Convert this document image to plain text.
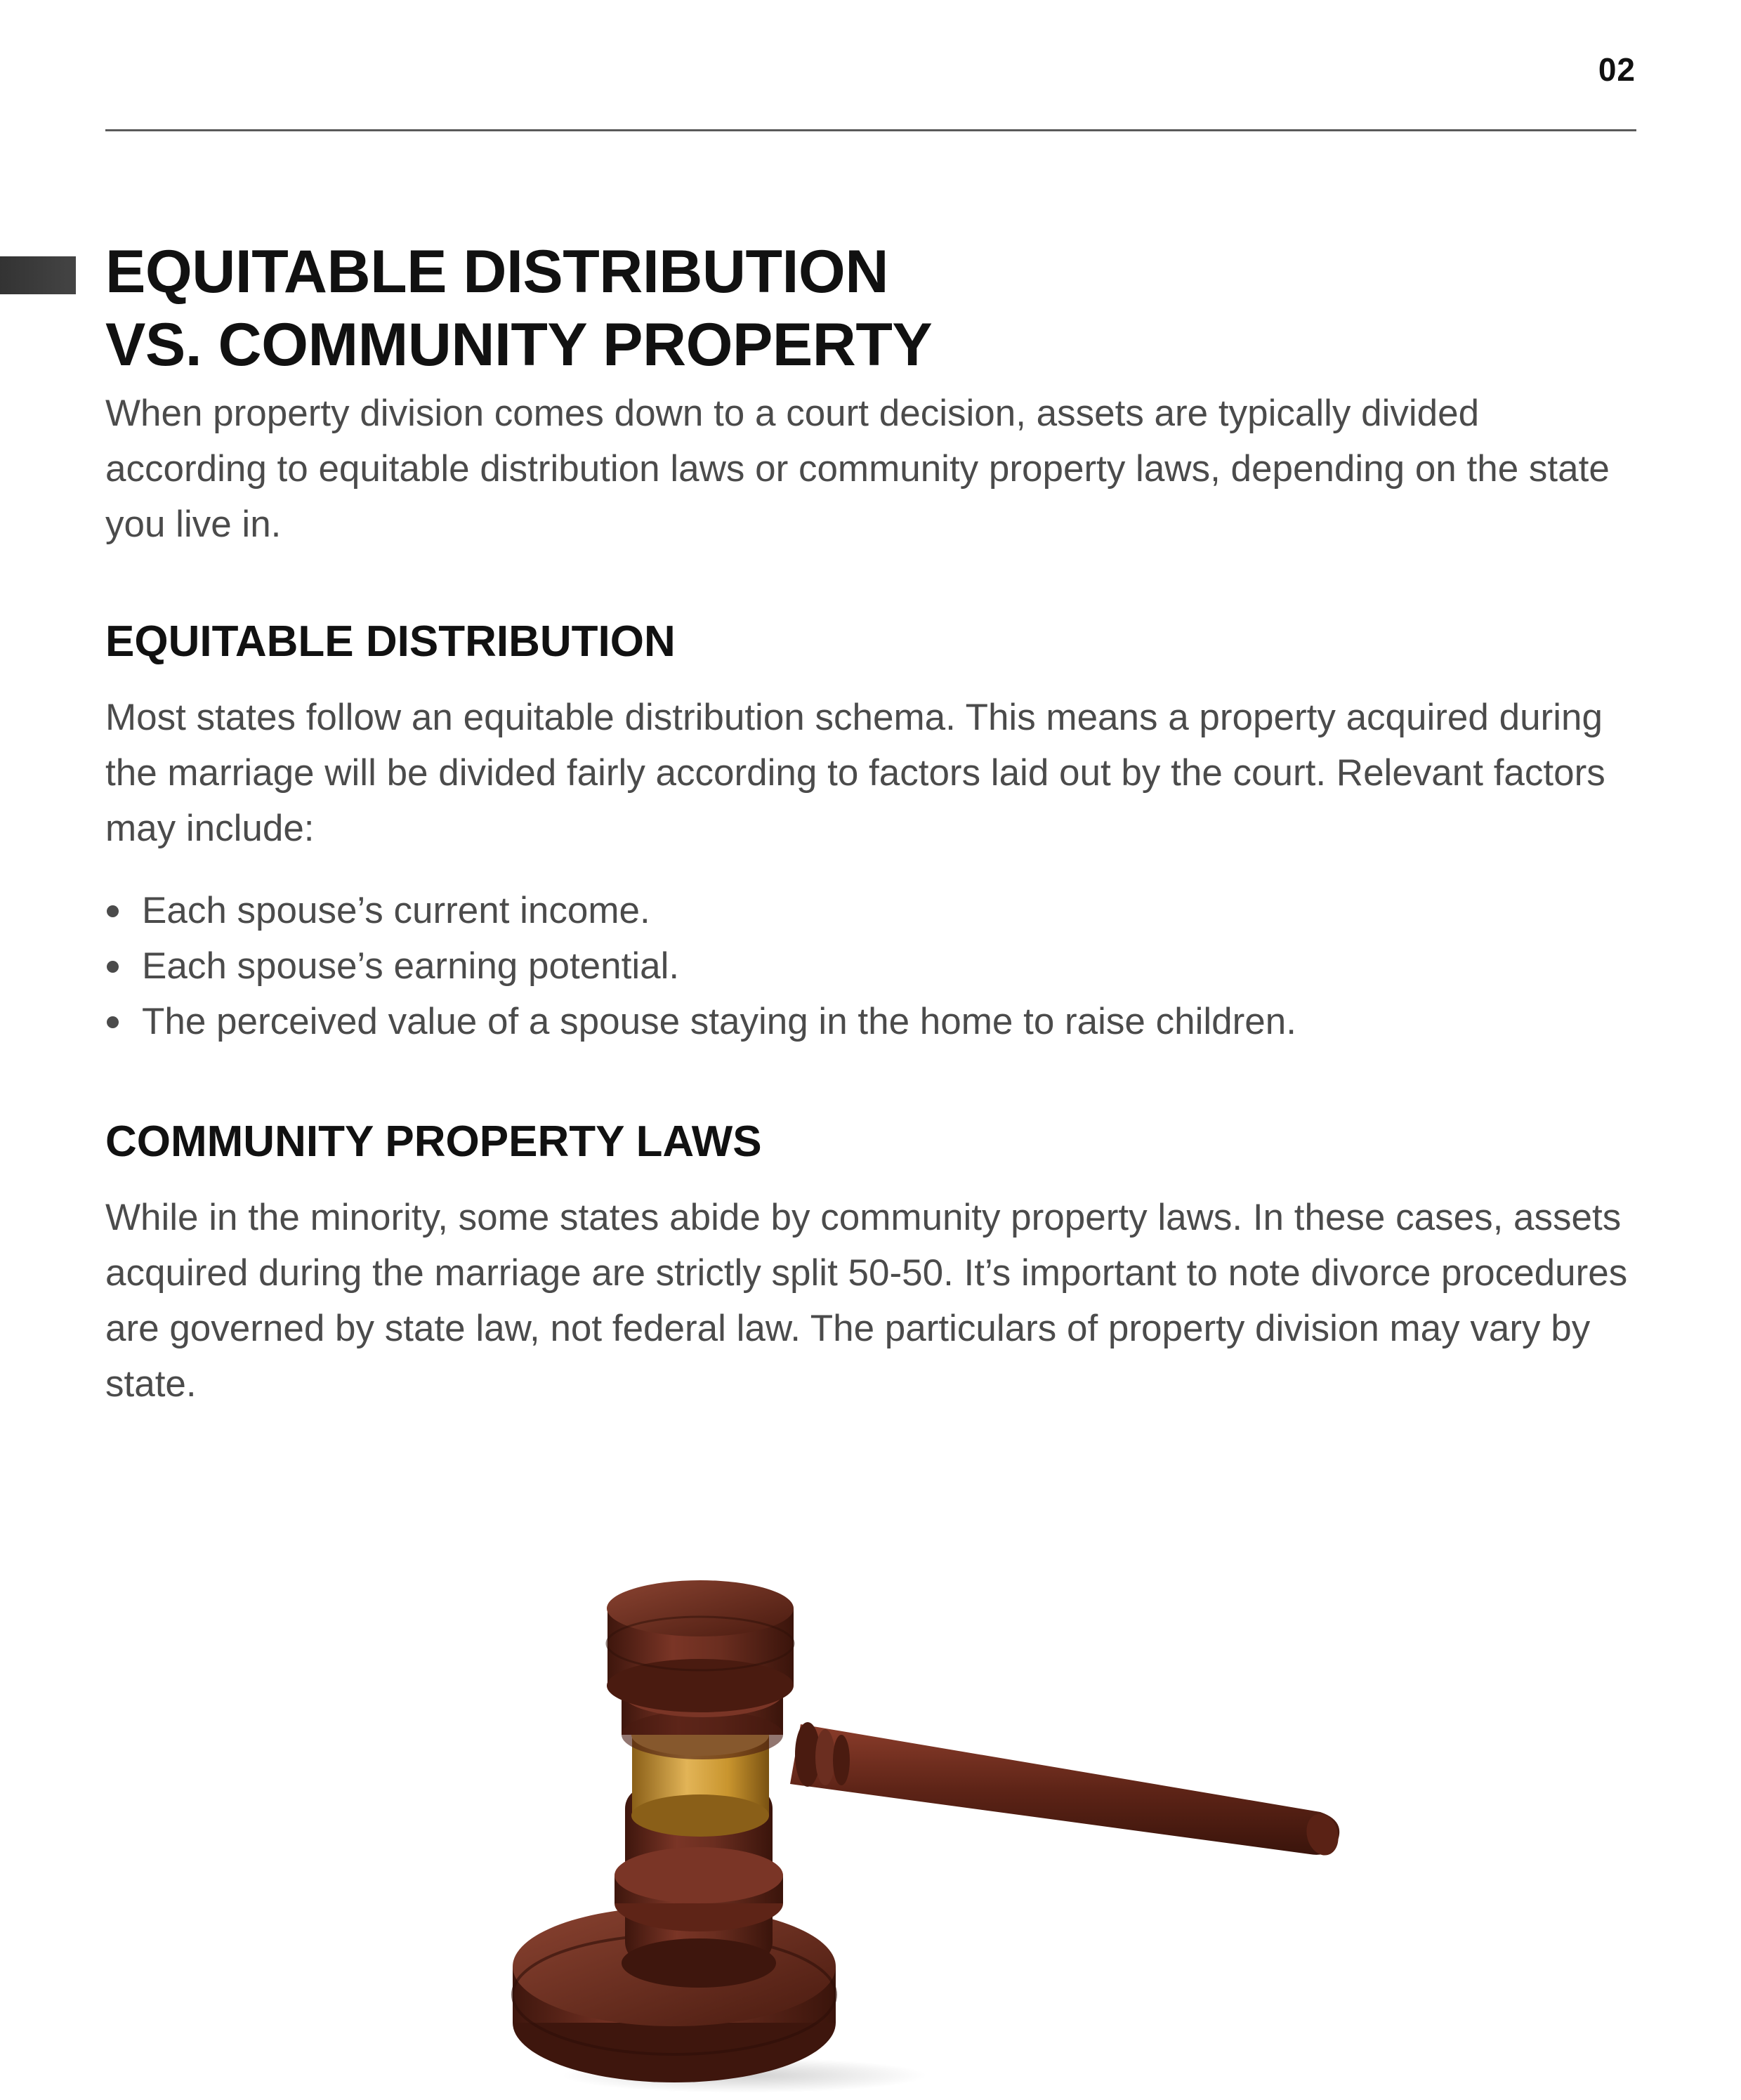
02
EQUITABLE DISTRIBUTION
VS. COMMUNITY PROPERTY

When property division comes down to a court decision, assets are typically divided according to equitable distribution laws or community property laws, depending on the state you live in.

EQUITABLE DISTRIBUTION

Most states follow an equitable distribution schema. This means a property acquired during the marriage will be divided fairly according to factors laid out by the court. Relevant factors may include:

Each spouse’s current income.
Each spouse’s earning potential.
The perceived value of a spouse staying in the home to raise children.
COMMUNITY PROPERTY LAWS

While in the minority, some states abide by community property laws. In these cases, assets acquired during the marriage are strictly split 50-50. It’s important to note divorce procedures are governed by state law, not federal law. The particulars of property division may vary by state.
